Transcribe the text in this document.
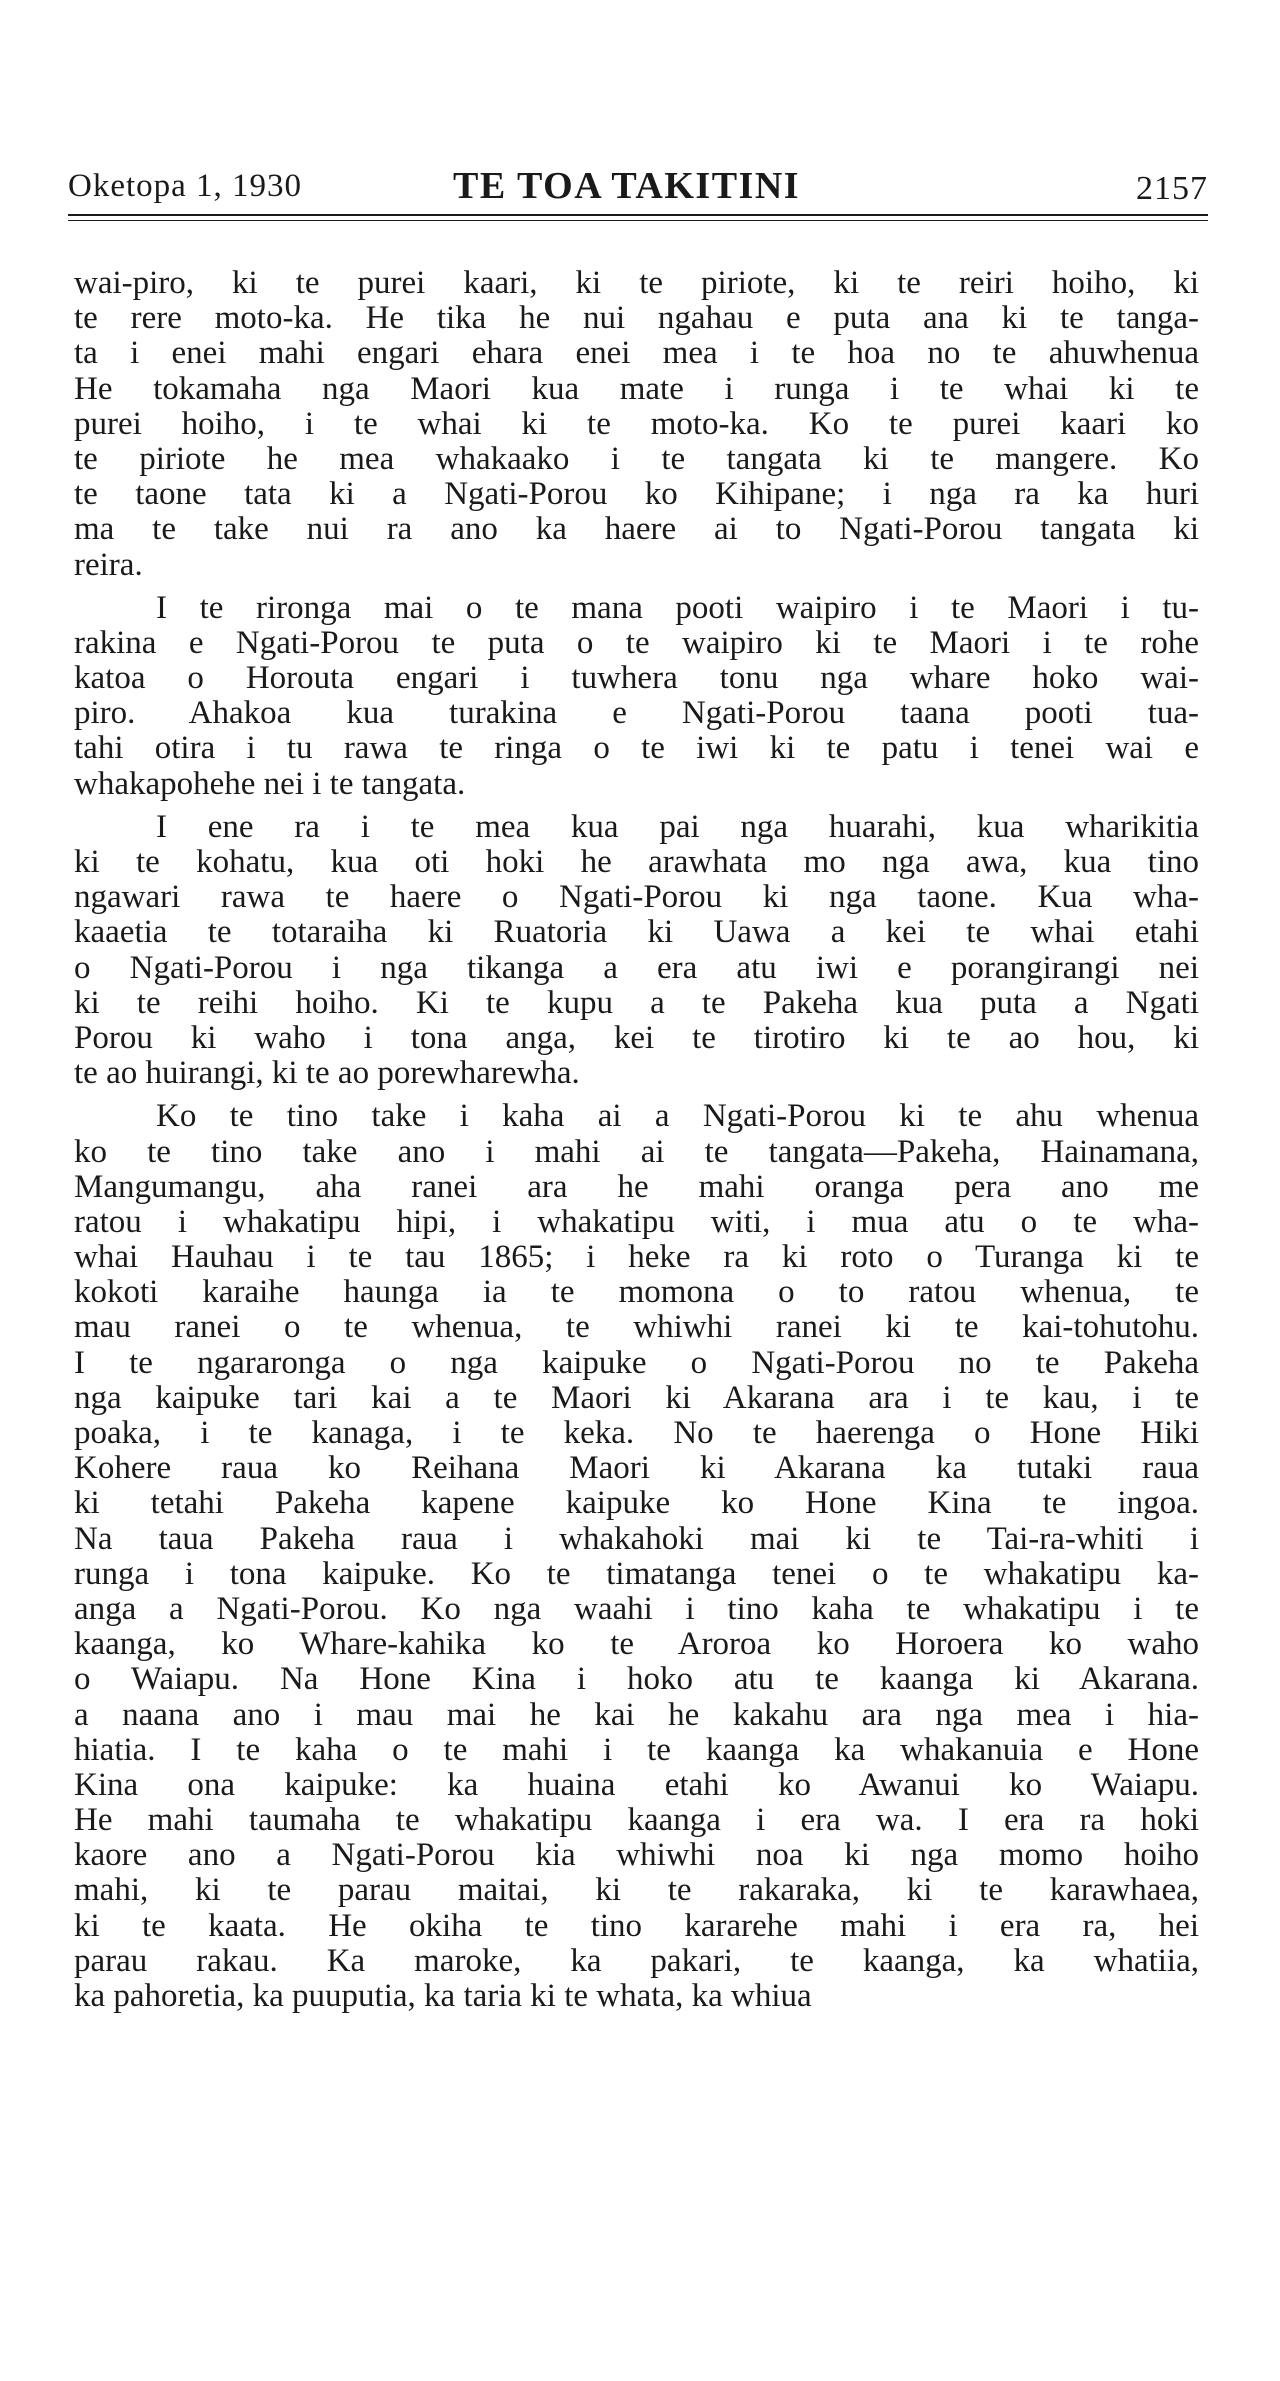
Oketopa 1, 1930	TE TOA TAKITINI	2157
wai-piro, ki te purei kaari, ki te piriote, ki te reiri hoiho, ki
te rere moto-ka. He tika he nui ngahau e puta ana ki te tanga-
ta i enei mahi engari ehara enei mea i te hoa no te ahuwhenua
He tokamaha nga Maori kua mate i runga i te whai ki te
purei hoiho, i te whai ki te moto-ka. Ko te purei kaari ko
te piriote he mea whakaako i te tangata ki te mangere. Ko
te taone tata ki a Ngati-Porou ko Kihipane; i nga ra ka huri
ma te take nui ra ano ka haere ai to Ngati-Porou tangata ki
reira.
I te rironga mai o te mana pooti waipiro i te Maori i tu-
rakina e Ngati-Porou te puta o te waipiro ki te Maori i te rohe
katoa o Horouta engari i tuwhera tonu nga whare hoko wai-
piro. Ahakoa kua turakina e Ngati-Porou taana pooti tua-
tahi otira i tu rawa te ringa o te iwi ki te patu i tenei wai e
whakapohehe nei i te tangata.
I ene ra i te mea kua pai nga huarahi, kua wharikitia
ki te kohatu, kua oti hoki he arawhata mo nga awa, kua tino
ngawari rawa te haere o Ngati-Porou ki nga taone. Kua wha-
kaaetia te totaraiha ki Ruatoria ki Uawa a kei te whai etahi
o Ngati-Porou i nga tikanga a era atu iwi e porangirangi nei
ki te reihi hoiho. Ki te kupu a te Pakeha kua puta a Ngati
Porou ki waho i tona anga, kei te tirotiro ki te ao hou, ki
te ao huirangi, ki te ao porewharewha.
Ko te tino take i kaha ai a Ngati-Porou ki te ahu whenua
ko te tino take ano i mahi ai te tangata—Pakeha, Hainamana,
Mangumangu, aha ranei ara he mahi oranga pera ano me
ratou i whakatipu hipi, i whakatipu witi, i mua atu o te wha-
whai Hauhau i te tau 1865; i heke ra ki roto o Turanga ki te
kokoti karaihe haunga ia te momona o to ratou whenua, te
mau ranei o te whenua, te whiwhi ranei ki te kai-tohutohu.
I te ngararonga o nga kaipuke o Ngati-Porou no te Pakeha
nga kaipuke tari kai a te Maori ki Akarana ara i te kau, i te
poaka, i te kanaga, i te keka. No te haerenga o Hone Hiki
Kohere raua ko Reihana Maori ki Akarana ka tutaki raua
ki tetahi Pakeha kapene kaipuke ko Hone Kina te ingoa.
Na taua Pakeha raua i whakahoki mai ki te Tai-ra-whiti i
runga i tona kaipuke. Ko te timatanga tenei o te whakatipu ka-
anga a Ngati-Porou. Ko nga waahi i tino kaha te whakatipu i te
kaanga, ko Whare-kahika ko te Aroroa ko Horoera ko waho
o Waiapu. Na Hone Kina i hoko atu te kaanga ki Akarana.
a naana ano i mau mai he kai he kakahu ara nga mea i hia-
hiatia. I te kaha o te mahi i te kaanga ka whakanuia e Hone
Kina ona kaipuke: ka huaina etahi ko Awanui ko Waiapu.
He mahi taumaha te whakatipu kaanga i era wa. I era ra hoki
kaore ano a Ngati-Porou kia whiwhi noa ki nga momo hoiho
mahi, ki te parau maitai, ki te rakaraka, ki te karawhaea,
ki te kaata. He okiha te tino kararehe mahi i era ra, hei
parau rakau. Ka maroke, ka pakari, te kaanga, ka whatiia,
ka pahoretia, ka puuputia, ka taria ki te whata, ka whiua
